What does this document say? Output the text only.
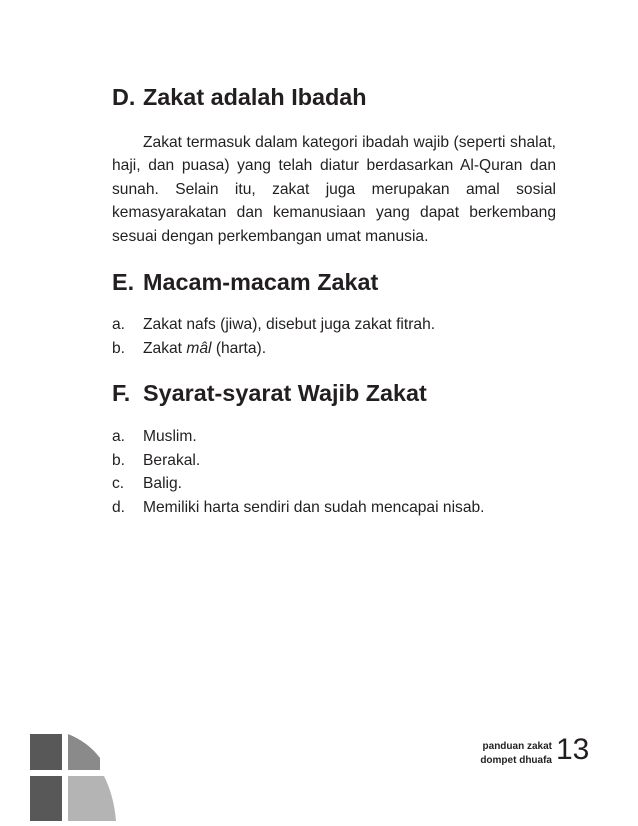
D. Zakat adalah Ibadah

Zakat termasuk dalam kategori ibadah wajib (seperti shalat, haji, dan puasa) yang telah diatur berdasarkan Al-Quran dan sunah. Selain itu, zakat juga merupakan amal sosial kemasyarakatan dan kemanusiaan yang dapat berkembang sesuai dengan perkembangan umat manusia.

E. Macam-macam Zakat
a.	Zakat nafs (jiwa), disebut juga zakat fitrah.
b.	Zakat mâl (harta).
F. Syarat-syarat Wajib Zakat
a.	Muslim.
b.	Berakal.
c.	Balig.
d.	Memiliki harta sendiri dan sudah mencapai nisab.
panduan zakat
dompet dhuafa 13
